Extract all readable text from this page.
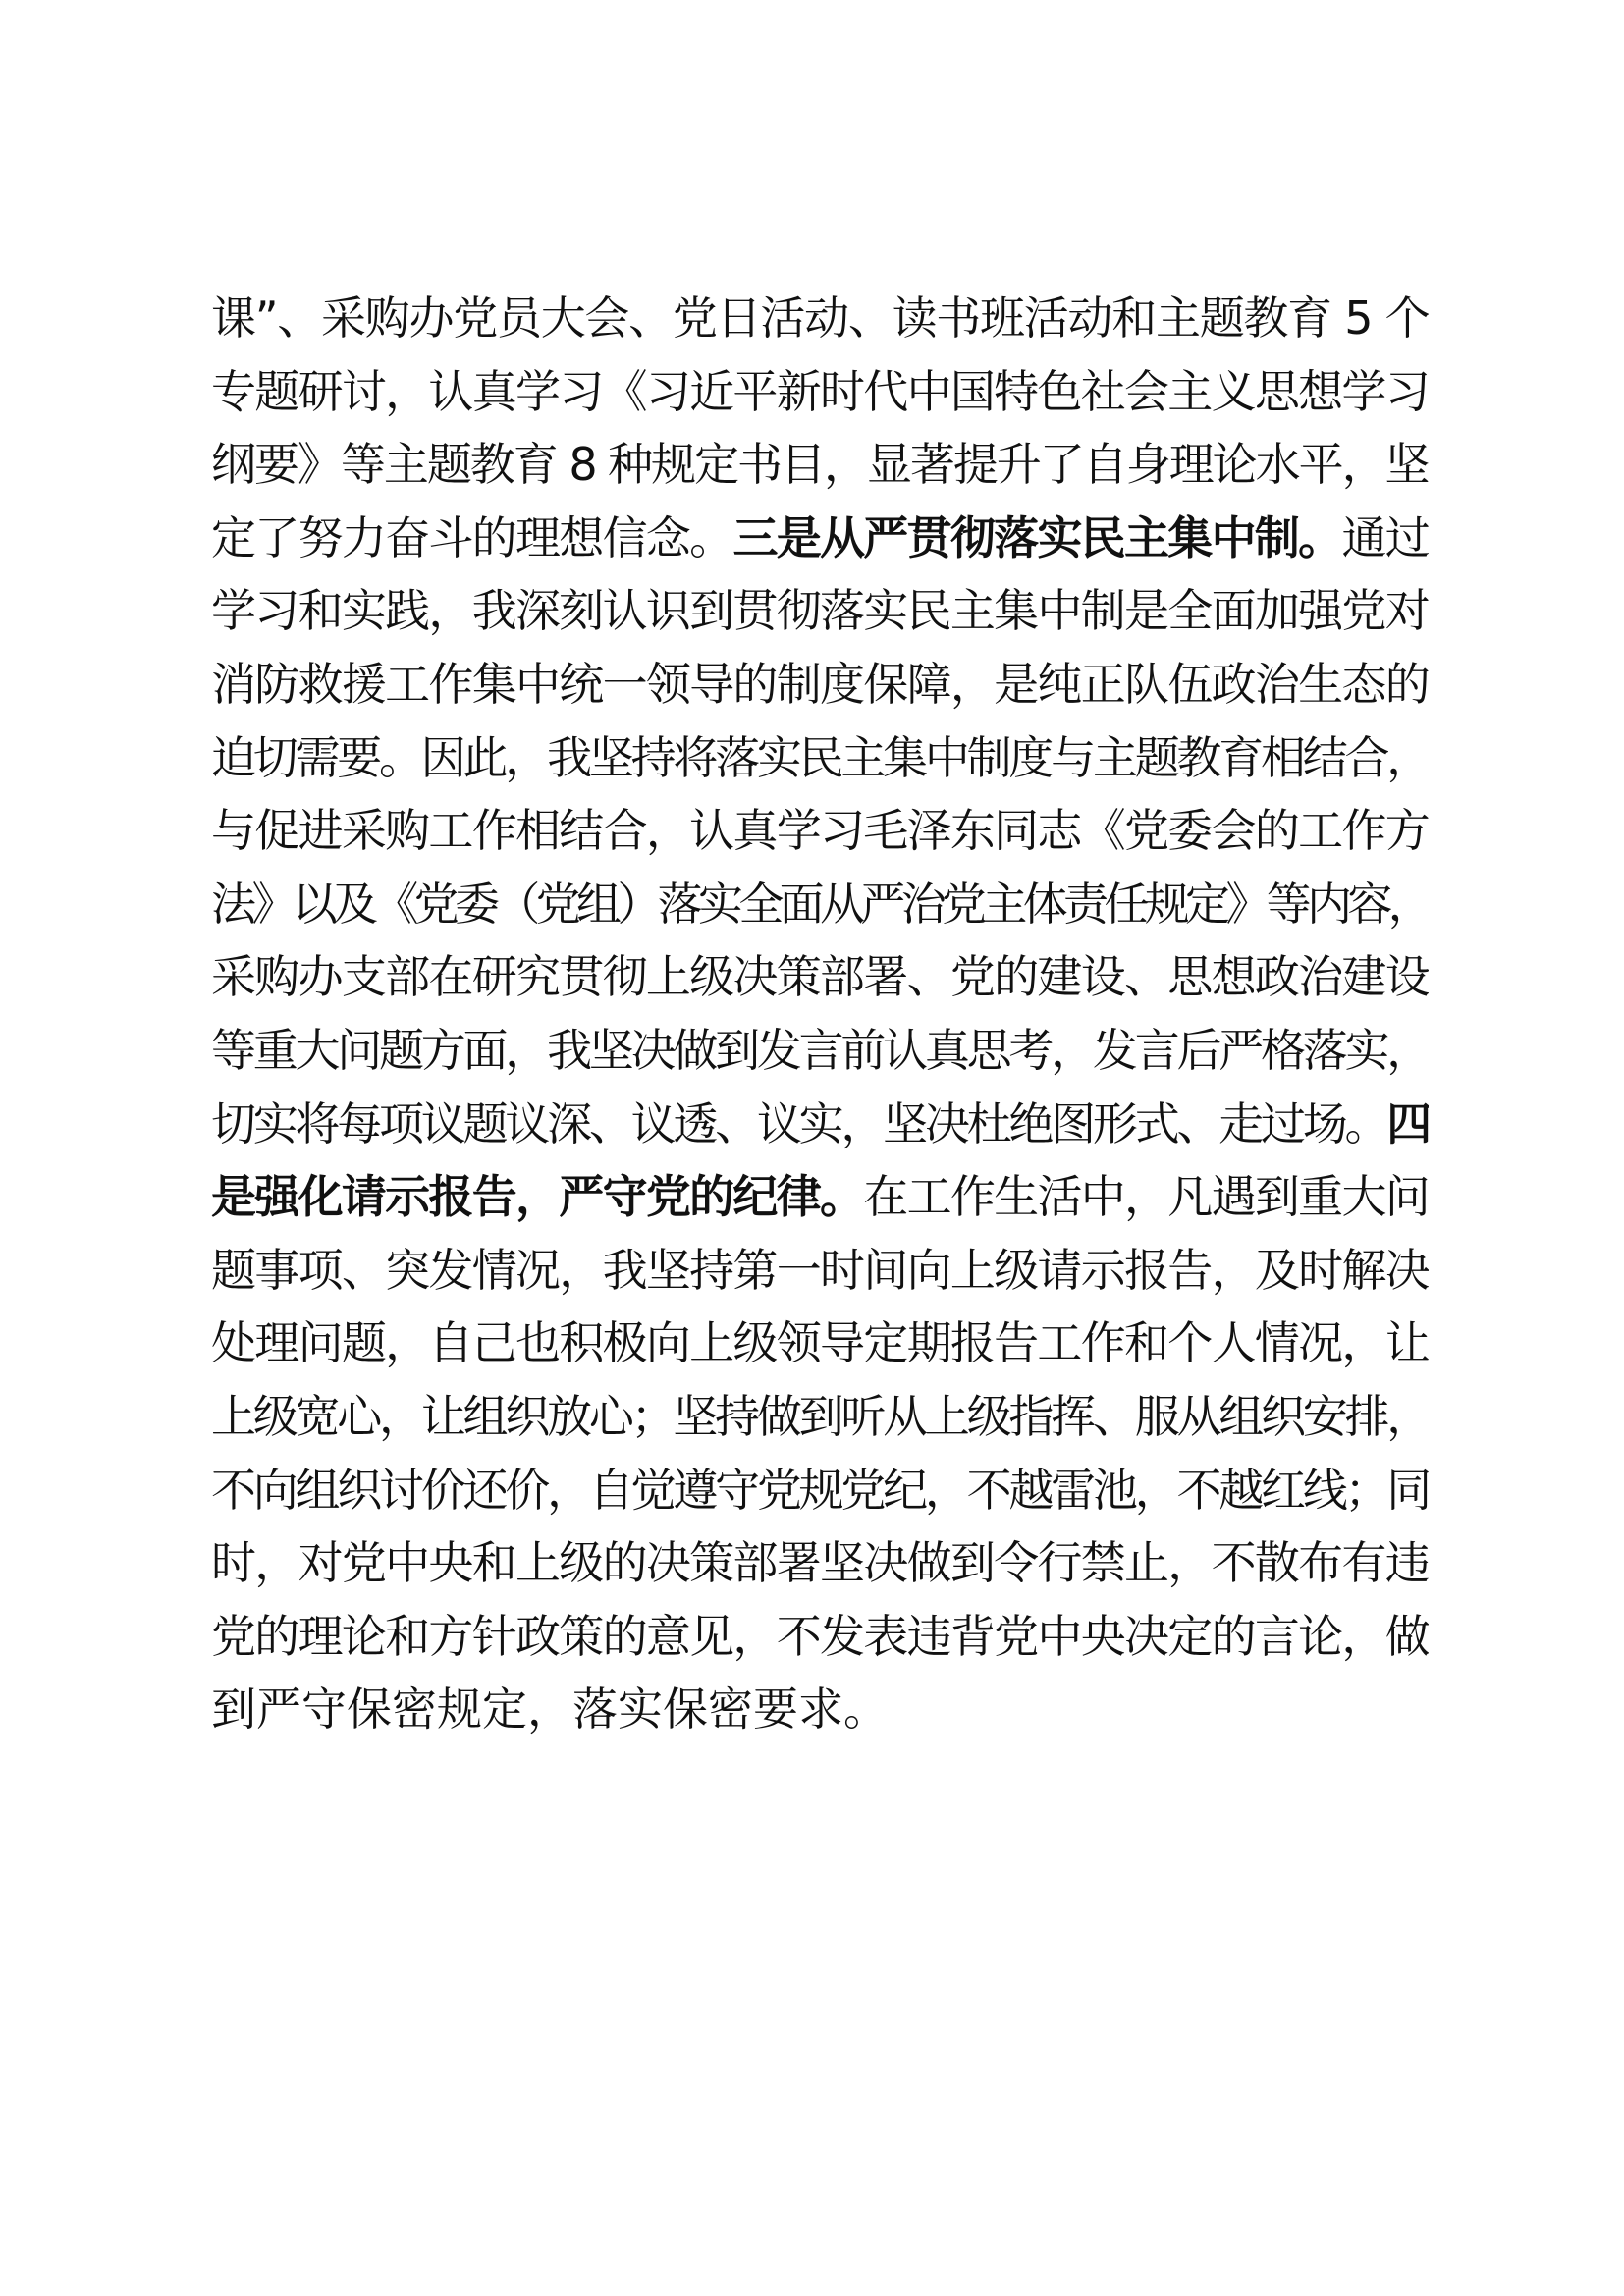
课”、采购办党员大会、党日活动、读书班活动和主题教育 5 个
专题研讨，认真学习《习近平新时代中国特色社会主义思想学习
纲要》等主题教育 8 种规定书目，显著提升了自身理论水平，坚
定了努力奋斗的理想信念。三是从严贯彻落实民主集中制。通过
学习和实践，我深刻认识到贯彻落实民主集中制是全面加强党对
消防救援工作集中统一领导的制度保障，是纯正队伍政治生态的
迫切需要。因此，我坚持将落实民主集中制度与主题教育相结合，
与促进采购工作相结合，认真学习毛泽东同志《党委会的工作方
法》以及《党委（党组）落实全面从严治党主体责任规定》等内容，
采购办支部在研究贯彻上级决策部署、党的建设、思想政治建设
等重大问题方面，我坚决做到发言前认真思考，发言后严格落实，
切实将每项议题议深、议透、议实，坚决杜绝图形式、走过场。四
是强化请示报告，严守党的纪律。在工作生活中，凡遇到重大问
题事项、突发情况，我坚持第一时间向上级请示报告，及时解决
处理问题，自己也积极向上级领导定期报告工作和个人情况，让
上级宽心，让组织放心；坚持做到听从上级指挥、服从组织安排，
不向组织讨价还价，自觉遵守党规党纪，不越雷池，不越红线；同
时，对党中央和上级的决策部署坚决做到令行禁止，不散布有违
党的理论和方针政策的意见，不发表违背党中央决定的言论，做
到严守保密规定，落实保密要求。
